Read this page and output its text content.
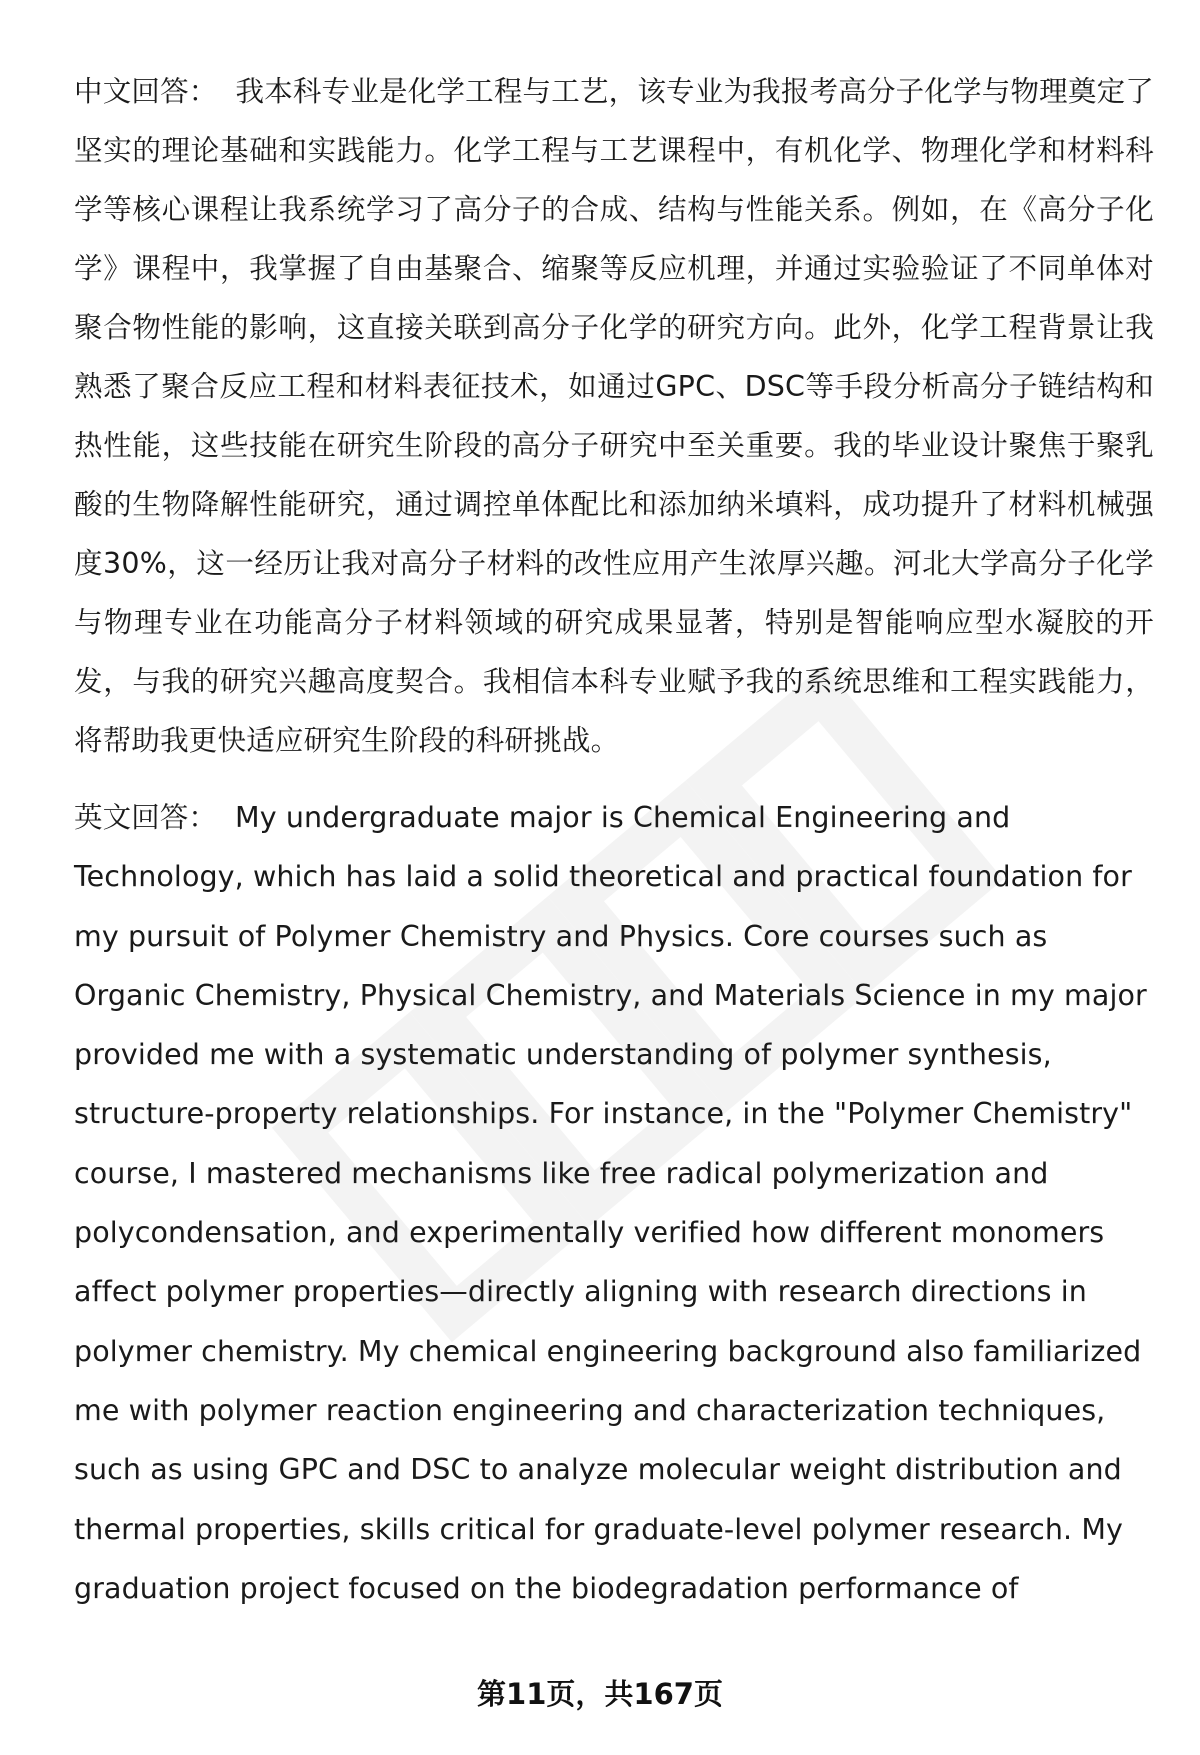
中文回答： 我本科专业是化学工程与工艺，该专业为我报考高分子化学与物理奠定了坚实的理论基础和实践能力。化学工程与工艺课程中，有机化学、物理化学和材料科学等核心课程让我系统学习了高分子的合成、结构与性能关系。例如，在《高分子化学》课程中，我掌握了自由基聚合、缩聚等反应机理，并通过实验验证了不同单体对聚合物性能的影响，这直接关联到高分子化学的研究方向。此外，化学工程背景让我熟悉了聚合反应工程和材料表征技术，如通过GPC、DSC等手段分析高分子链结构和热性能，这些技能在研究生阶段的高分子研究中至关重要。我的毕业设计聚焦于聚乳酸的生物降解性能研究，通过调控单体配比和添加纳米填料，成功提升了材料机械强度30%，这一经历让我对高分子材料的改性应用产生浓厚兴趣。河北大学高分子化学与物理专业在功能高分子材料领域的研究成果显著，特别是智能响应型水凝胶的开发，与我的研究兴趣高度契合。我相信本科专业赋予我的系统思维和工程实践能力，将帮助我更快适应研究生阶段的科研挑战。

英文回答： My undergraduate major is Chemical Engineering and Technology, which has laid a solid theoretical and practical foundation for my pursuit of Polymer Chemistry and Physics. Core courses such as Organic Chemistry, Physical Chemistry, and Materials Science in my major provided me with a systematic understanding of polymer synthesis, structure-property relationships. For instance, in the "Polymer Chemistry" course, I mastered mechanisms like free radical polymerization and polycondensation, and experimentally verified how different monomers affect polymer properties—directly aligning with research directions in polymer chemistry. My chemical engineering background also familiarized me with polymer reaction engineering and characterization techniques, such as using GPC and DSC to analyze molecular weight distribution and thermal properties, skills critical for graduate-level polymer research. My graduation project focused on the biodegradation performance of

第11页，共167页
